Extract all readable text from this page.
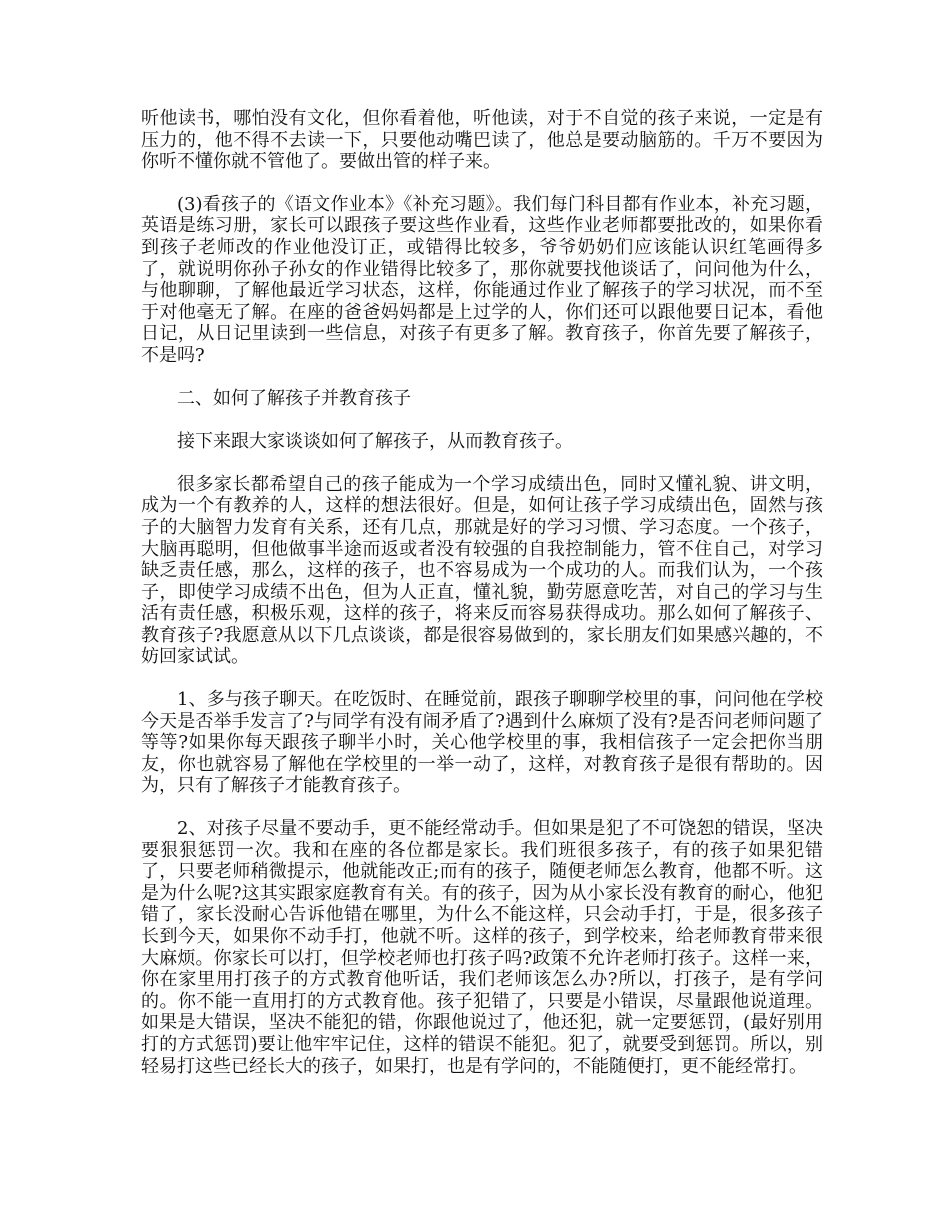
听他读书，哪怕没有文化，但你看着他，听他读，对于不自觉的孩子来说，一定是有压力的，他不得不去读一下，只要他动嘴巴读了，他总是要动脑筋的。千万不要因为你听不懂你就不管他了。要做出管的样子来。

(3)看孩子的《语文作业本》《补充习题》。我们每门科目都有作业本，补充习题，英语是练习册，家长可以跟孩子要这些作业看，这些作业老师都要批改的，如果你看到孩子老师改的作业他没订正，或错得比较多，爷爷奶奶们应该能认识红笔画得多了，就说明你孙子孙女的作业错得比较多了，那你就要找他谈话了，问问他为什么，与他聊聊，了解他最近学习状态，这样，你能通过作业了解孩子的学习状况，而不至于对他毫无了解。在座的爸爸妈妈都是上过学的人，你们还可以跟他要日记本，看他日记，从日记里读到一些信息，对孩子有更多了解。教育孩子，你首先要了解孩子，不是吗?

二、如何了解孩子并教育孩子

接下来跟大家谈谈如何了解孩子，从而教育孩子。

很多家长都希望自己的孩子能成为一个学习成绩出色，同时又懂礼貌、讲文明，成为一个有教养的人，这样的想法很好。但是，如何让孩子学习成绩出色，固然与孩子的大脑智力发育有关系，还有几点，那就是好的学习习惯、学习态度。一个孩子，大脑再聪明，但他做事半途而返或者没有较强的自我控制能力，管不住自己，对学习缺乏责任感，那么，这样的孩子，也不容易成为一个成功的人。而我们认为，一个孩子，即使学习成绩不出色，但为人正直，懂礼貌，勤劳愿意吃苦，对自己的学习与生活有责任感，积极乐观，这样的孩子，将来反而容易获得成功。那么如何了解孩子、教育孩子?我愿意从以下几点谈谈，都是很容易做到的，家长朋友们如果感兴趣的，不妨回家试试。

1、多与孩子聊天。在吃饭时、在睡觉前，跟孩子聊聊学校里的事，问问他在学校今天是否举手发言了?与同学有没有闹矛盾了?遇到什么麻烦了没有?是否问老师问题了等等?如果你每天跟孩子聊半小时，关心他学校里的事，我相信孩子一定会把你当朋友，你也就容易了解他在学校里的一举一动了，这样，对教育孩子是很有帮助的。因为，只有了解孩子才能教育孩子。

2、对孩子尽量不要动手，更不能经常动手。但如果是犯了不可饶恕的错误，坚决要狠狠惩罚一次。我和在座的各位都是家长。我们班很多孩子，有的孩子如果犯错了，只要老师稍微提示，他就能改正;而有的孩子，随便老师怎么教育，他都不听。这是为什么呢?这其实跟家庭教育有关。有的孩子，因为从小家长没有教育的耐心，他犯错了，家长没耐心告诉他错在哪里，为什么不能这样，只会动手打，于是，很多孩子长到今天，如果你不动手打，他就不听。这样的孩子，到学校来，给老师教育带来很大麻烦。你家长可以打，但学校老师也打孩子吗?政策不允许老师打孩子。这样一来，你在家里用打孩子的方式教育他听话，我们老师该怎么办?所以，打孩子，是有学问的。你不能一直用打的方式教育他。孩子犯错了，只要是小错误，尽量跟他说道理。如果是大错误，坚决不能犯的错，你跟他说过了，他还犯，就一定要惩罚，(最好别用打的方式惩罚)要让他牢牢记住，这样的错误不能犯。犯了，就要受到惩罚。所以，别轻易打这些已经长大的孩子，如果打，也是有学问的，不能随便打，更不能经常打。
